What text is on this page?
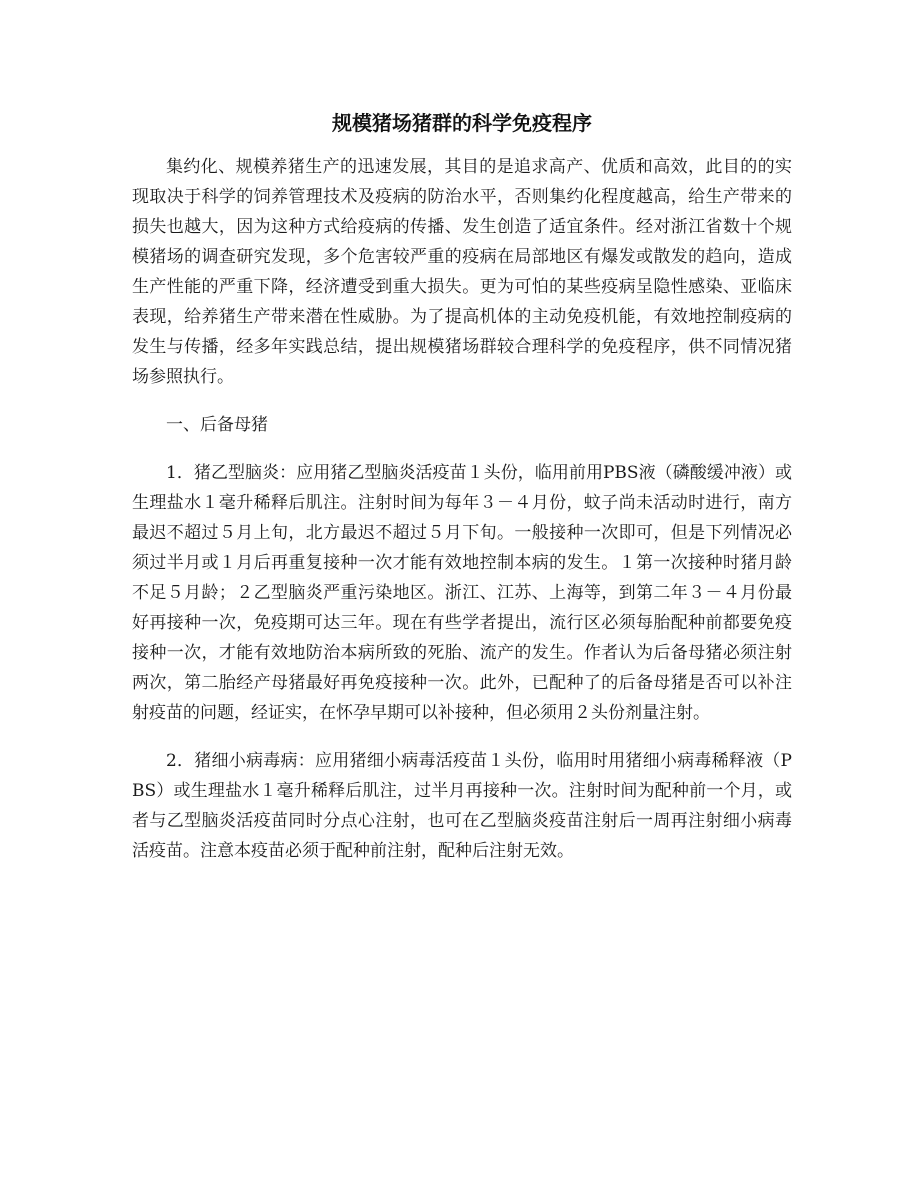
规模猪场猪群的科学免疫程序

集约化、规模养猪生产的迅速发展，其目的是追求高产、优质和高效，此目的的实现取决于科学的饲养管理技术及疫病的防治水平，否则集约化程度越高，给生产带来的损失也越大，因为这种方式给疫病的传播、发生创造了适宜条件。经对浙江省数十个规模猪场的调查研究发现，多个危害较严重的疫病在局部地区有爆发或散发的趋向，造成生产性能的严重下降，经济遭受到重大损失。更为可怕的某些疫病呈隐性感染、亚临床表现，给养猪生产带来潜在性威胁。为了提高机体的主动免疫机能，有效地控制疫病的发生与传播，经多年实践总结，提出规模猪场群较合理科学的免疫程序，供不同情况猪场参照执行。

一、后备母猪

1．猪乙型脑炎：应用猪乙型脑炎活疫苗１头份，临用前用PBS液（磷酸缓冲液）或生理盐水１毫升稀释后肌注。注射时间为每年３－４月份，蚊子尚未活动时进行，南方最迟不超过５月上旬，北方最迟不超过５月下旬。一般接种一次即可，但是下列情况必须过半月或１月后再重复接种一次才能有效地控制本病的发生。１第一次接种时猪月龄不足５月龄；２乙型脑炎严重污染地区。浙江、江苏、上海等，到第二年３－４月份最好再接种一次，免疫期可达三年。现在有些学者提出，流行区必须每胎配种前都要免疫接种一次，才能有效地防治本病所致的死胎、流产的发生。作者认为后备母猪必须注射两次，第二胎经产母猪最好再免疫接种一次。此外，已配种了的后备母猪是否可以补注射疫苗的问题，经证实，在怀孕早期可以补接种，但必须用２头份剂量注射。

2．猪细小病毒病：应用猪细小病毒活疫苗１头份，临用时用猪细小病毒稀释液（PBS）或生理盐水１毫升稀释后肌注，过半月再接种一次。注射时间为配种前一个月，或者与乙型脑炎活疫苗同时分点心注射，也可在乙型脑炎疫苗注射后一周再注射细小病毒活疫苗。注意本疫苗必须于配种前注射，配种后注射无效。
